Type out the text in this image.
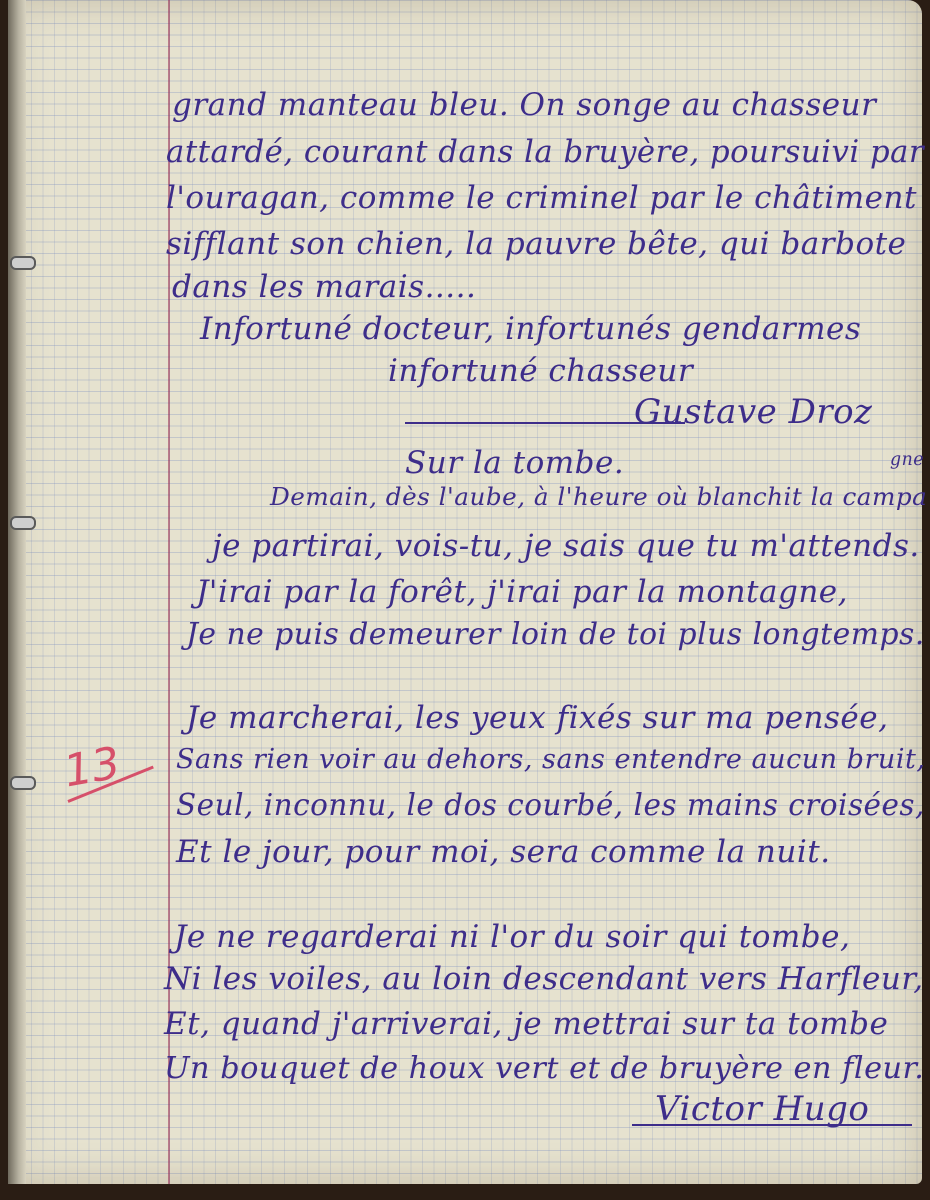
grand manteau bleu. On songe au chasseur
attardé, courant dans la bruyère, poursuivi par
l'ouragan, comme le criminel par le châtiment
sifflant son chien, la pauvre bête, qui barbote
dans les marais.....
Infortuné docteur, infortunés gendarmes
infortuné chasseur
Gustave Droz
Sur la tombe.	gne
Demain, dès l'aube, à l'heure où blanchit la campa
je partirai, vois-tu, je sais que tu m'attends.
J'irai par la forêt, j'irai par la montagne,
Je ne puis demeurer loin de toi plus longtemps.
Je marcherai, les yeux fixés sur ma pensée,
Sans rien voir au dehors, sans entendre aucun bruit,
Seul, inconnu, le dos courbé, les mains croisées,
Et le jour, pour moi, sera comme la nuit.
Je ne regarderai ni l'or du soir qui tombe,
Ni les voiles, au loin descendant vers Harfleur,
Et, quand j'arriverai, je mettrai sur ta tombe
Un bouquet de houx vert et de bruyère en fleur.
Victor Hugo
13
